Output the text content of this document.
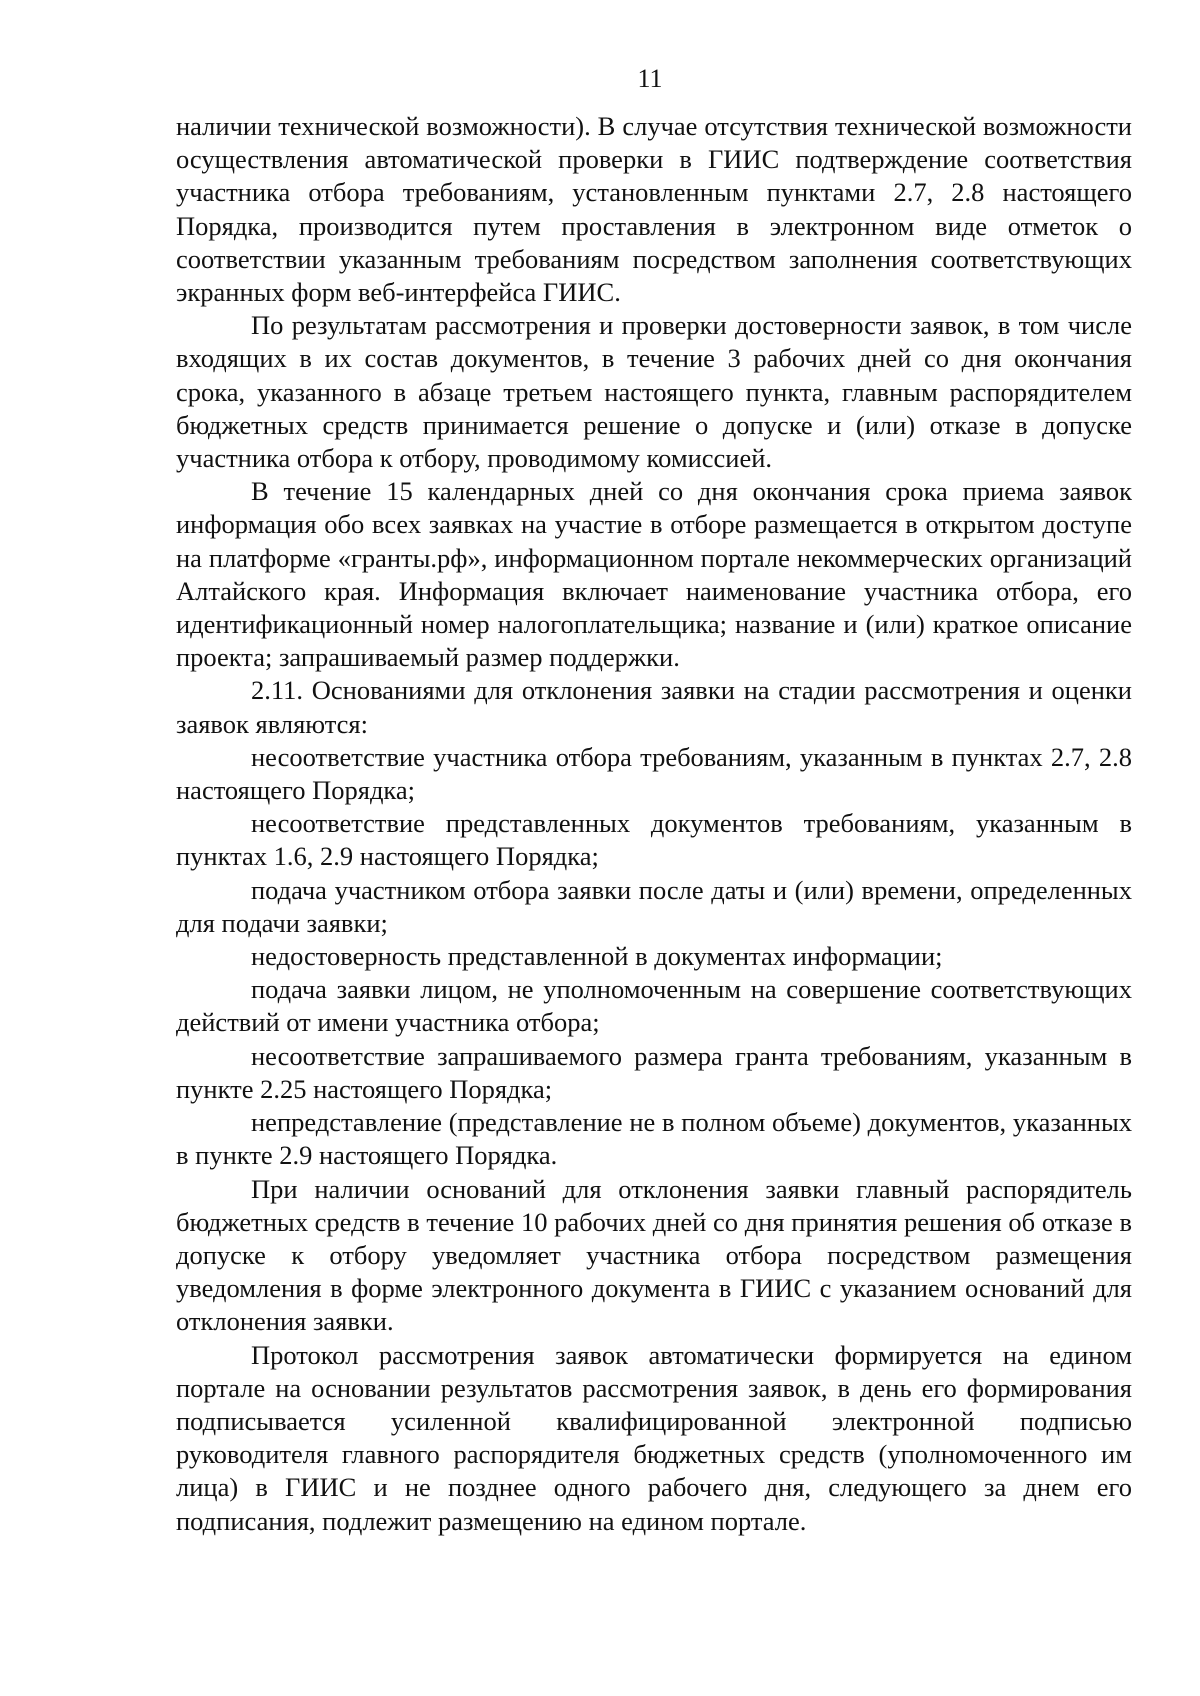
11

наличии технической возможности). В случае отсутствия технической возможности осуществления автоматической проверки в ГИИС подтверждение соответствия участника отбора требованиям, установленным пунктами 2.7, 2.8 настоящего Порядка, производится путем проставления в электронном виде отметок о соответствии указанным требованиям посредством заполнения соответствующих экранных форм веб-интерфейса ГИИС.

По результатам рассмотрения и проверки достоверности заявок, в том числе входящих в их состав документов, в течение 3 рабочих дней со дня окончания срока, указанного в абзаце третьем настоящего пункта, главным распорядителем бюджетных средств принимается решение о допуске и (или) отказе в допуске участника отбора к отбору, проводимому комиссией.

В течение 15 календарных дней со дня окончания срока приема заявок информация обо всех заявках на участие в отборе размещается в открытом доступе на платформе «гранты.рф», информационном портале некоммерческих организаций Алтайского края. Информация включает наименование участника отбора, его идентификационный номер налогоплательщика; название и (или) краткое описание проекта; запрашиваемый размер поддержки.

2.11. Основаниями для отклонения заявки на стадии рассмотрения и оценки заявок являются:

несоответствие участника отбора требованиям, указанным в пунктах 2.7, 2.8 настоящего Порядка;

несоответствие представленных документов требованиям, указанным в пунктах 1.6, 2.9 настоящего Порядка;

подача участником отбора заявки после даты и (или) времени, определенных для подачи заявки;

недостоверность представленной в документах информации;

подача заявки лицом, не уполномоченным на совершение соответствующих действий от имени участника отбора;

несоответствие запрашиваемого размера гранта требованиям, указанным в пункте 2.25 настоящего Порядка;

непредставление (представление не в полном объеме) документов, указанных в пункте 2.9 настоящего Порядка.

При наличии оснований для отклонения заявки главный распорядитель бюджетных средств в течение 10 рабочих дней со дня принятия решения об отказе в допуске к отбору уведомляет участника отбора посредством размещения уведомления в форме электронного документа в ГИИС с указанием оснований для отклонения заявки.

Протокол рассмотрения заявок автоматически формируется на едином портале на основании результатов рассмотрения заявок, в день его формирования подписывается усиленной квалифицированной электронной подписью руководителя главного распорядителя бюджетных средств (уполномоченного им лица) в ГИИС и не позднее одного рабочего дня, следующего за днем его подписания, подлежит размещению на едином портале.
